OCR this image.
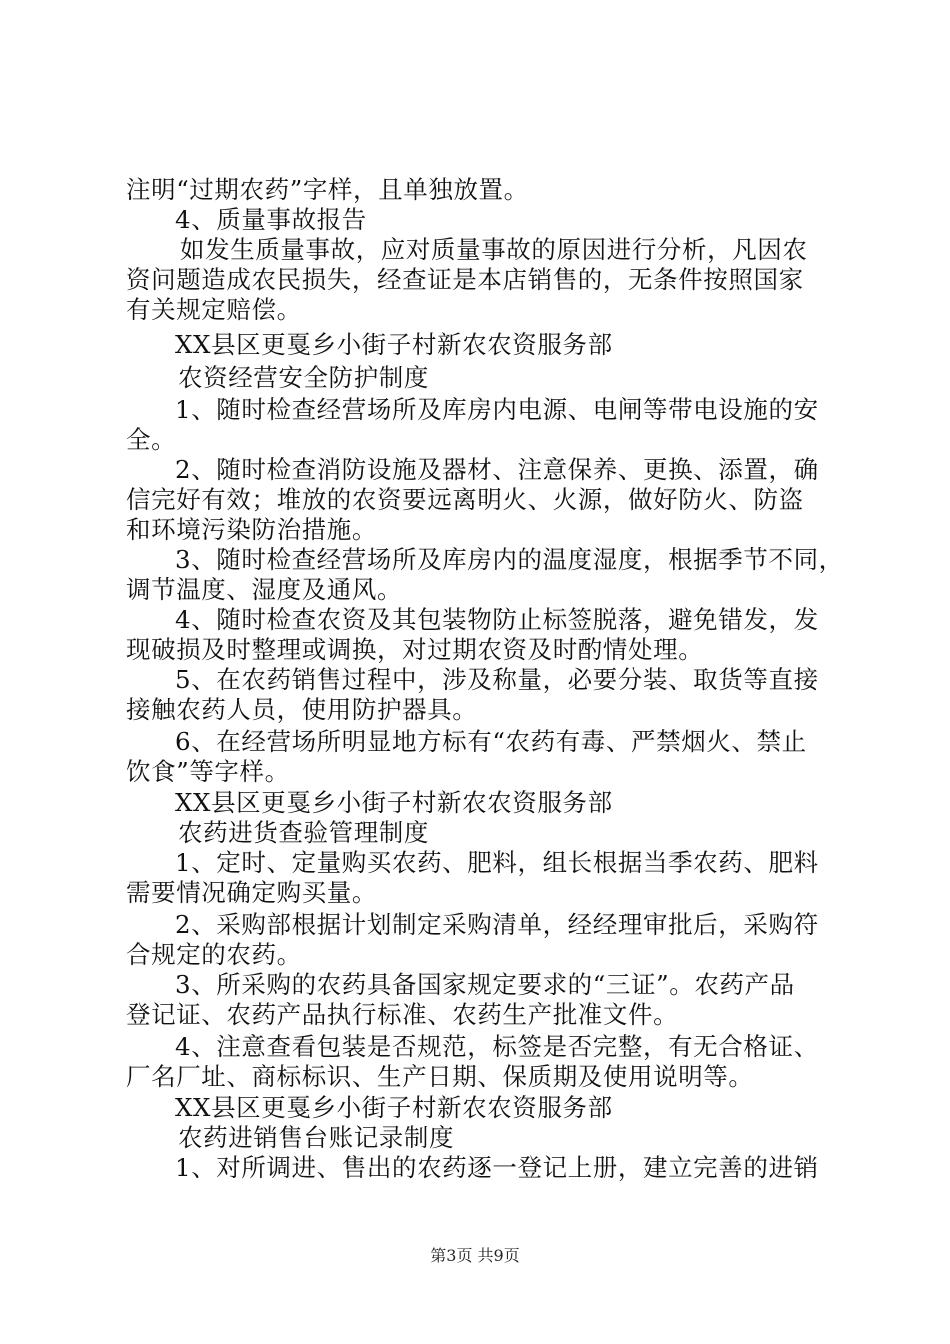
注明“过期农药”字样，且单独放置。
4、质量事故报告
如发生质量事故，应对质量事故的原因进行分析，凡因农
资问题造成农民损失，经查证是本店销售的，无条件按照国家
有关规定赔偿。
XX县区更戛乡小街子村新农农资服务部
农资经营安全防护制度
1、随时检查经营场所及库房内电源、电闸等带电设施的安
全。
2、随时检查消防设施及器材、注意保养、更换、添置，确
信完好有效；堆放的农资要远离明火、火源，做好防火、防盗
和环境污染防治措施。
3、随时检查经营场所及库房内的温度湿度，根据季节不同，
调节温度、湿度及通风。
4、随时检查农资及其包装物防止标签脱落，避免错发，发
现破损及时整理或调换，对过期农资及时酌情处理。
5、在农药销售过程中，涉及称量，必要分装、取货等直接
接触农药人员，使用防护器具。
6、在经营场所明显地方标有“农药有毒、严禁烟火、禁止
饮食”等字样。
XX县区更戛乡小街子村新农农资服务部
农药进货查验管理制度
1、定时、定量购买农药、肥料，组长根据当季农药、肥料
需要情况确定购买量。
2、采购部根据计划制定采购清单，经经理审批后，采购符
合规定的农药。
3、所采购的农药具备国家规定要求的“三证”。农药产品
登记证、农药产品执行标准、农药生产批准文件。
4、注意查看包装是否规范，标签是否完整，有无合格证、
厂名厂址、商标标识、生产日期、保质期及使用说明等。
XX县区更戛乡小街子村新农农资服务部
农药进销售台账记录制度
1、对所调进、售出的农药逐一登记上册，建立完善的进销
第3页 共9页
